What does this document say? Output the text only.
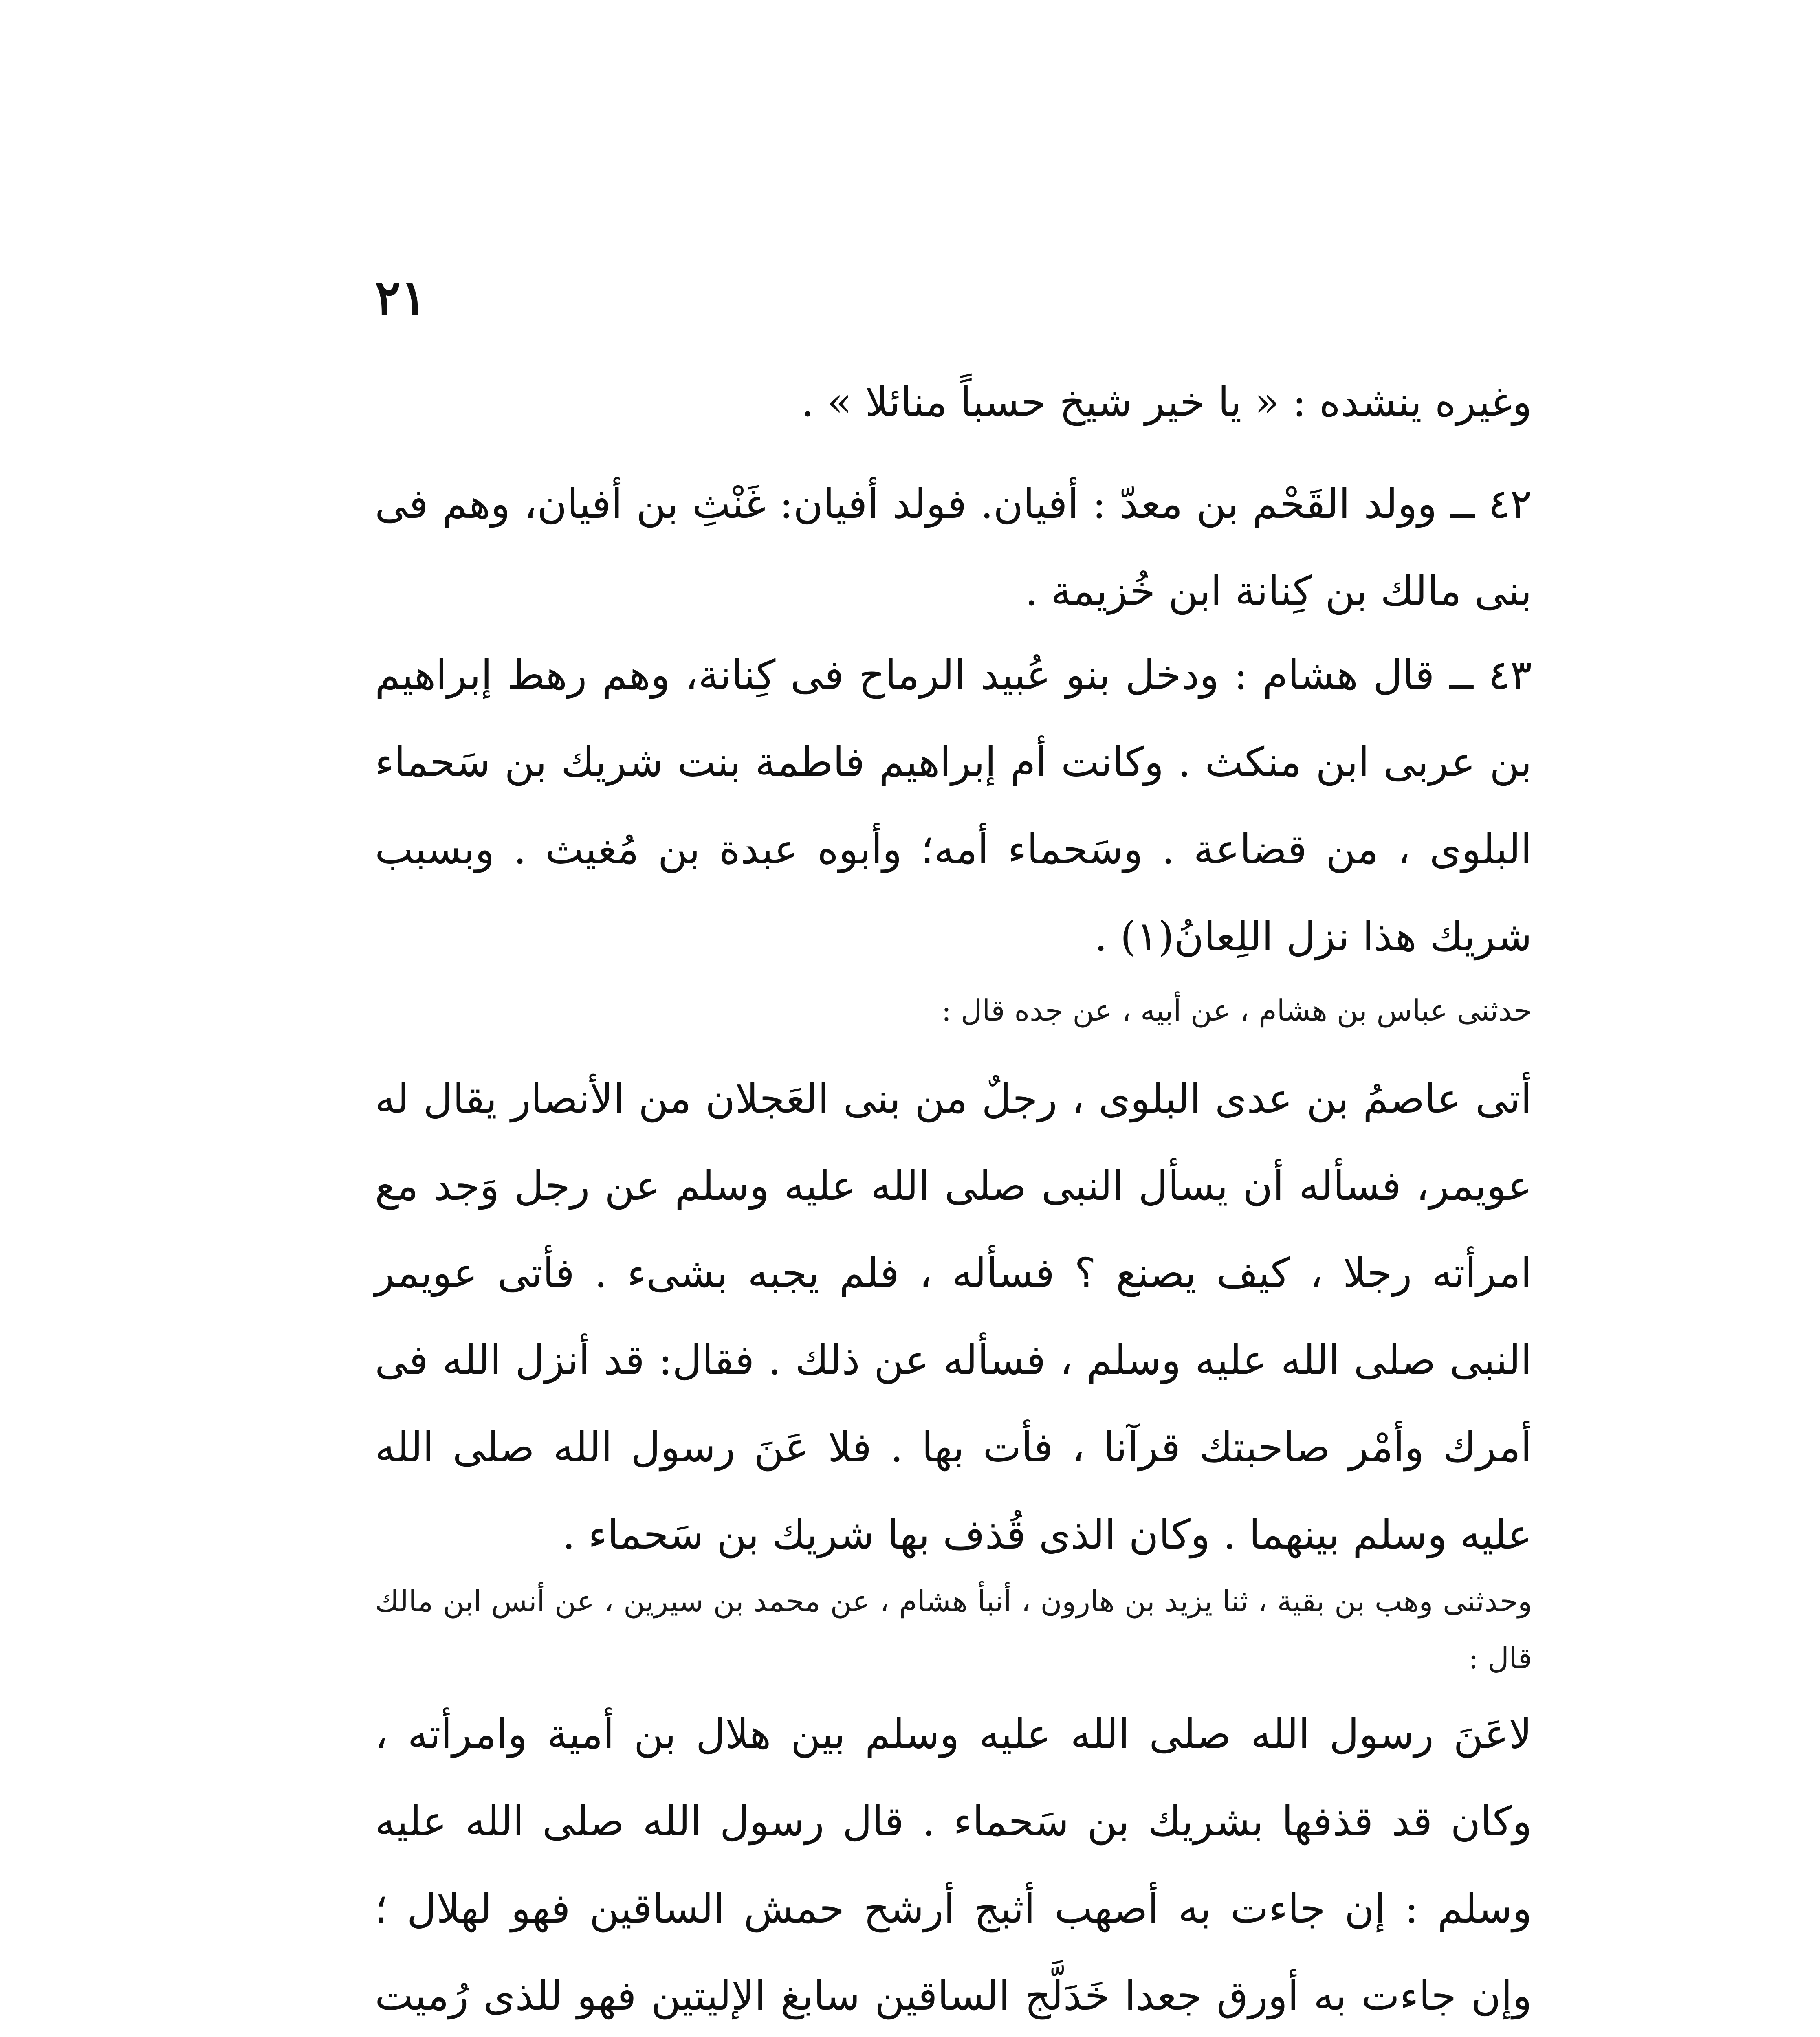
٢١

وغيره ينشده : « يا خير شيخ حسباً منائلا » .

٤٢ ــ وولد القَحْم بن معدّ : أفيان. فولد أفيان: غَنْثِ بن أفيان، وهم فى بنى مالك بن كِنانة ابن خُزيمة .

٤٣ ــ قال هشام : ودخل بنو عُبيد الرماح فى كِنانة، وهم رهط إبراهيم بن عربى ابن منكث . وكانت أم إبراهيم فاطمة بنت شريك بن سَحماء البلوى ، من قضاعة . وسَحماء أمه؛ وأبوه عبدة بن مُغيث . وبسبب شريك هذا نزل اللِعانُ(١) .

حدثنى عباس بن هشام ، عن أبيه ، عن جده قال :

أتى عاصمُ بن عدى البلوى ، رجلٌ من بنى العَجلان من الأنصار يقال له عويمر، فسأله أن يسأل النبى صلى الله عليه وسلم عن رجل وَجد مع امرأته رجلا ، كيف يصنع ؟ فسأله ، فلم يجبه بشىء . فأتى عويمر النبى صلى الله عليه وسلم ، فسأله عن ذلك . فقال: قد أنزل الله فى أمرك وأمْر صاحبتك قرآنا ، فأت بها . فلا عَنَ رسول الله صلى الله عليه وسلم بينهما . وكان الذى قُذف بها شريك بن سَحماء .

وحدثنى وهب بن بقية ، ثنا يزيد بن هارون ، أنبأ هشام ، عن محمد بن سيرين ، عن أنس ابن مالك قال :

لاعَنَ رسول الله صلى الله عليه وسلم بين هلال بن أمية وامرأته ، وكان قد قذفها بشريك بن سَحماء . قال رسول الله صلى الله عليه وسلم : إن جاءت به أصهب أثبج أرشح حمش الساقين فهو لهلال ؛ وإن جاءت به أورق جعدا خَدَلَّج الساقين سابغ الإليتين فهو للذى رُميت
